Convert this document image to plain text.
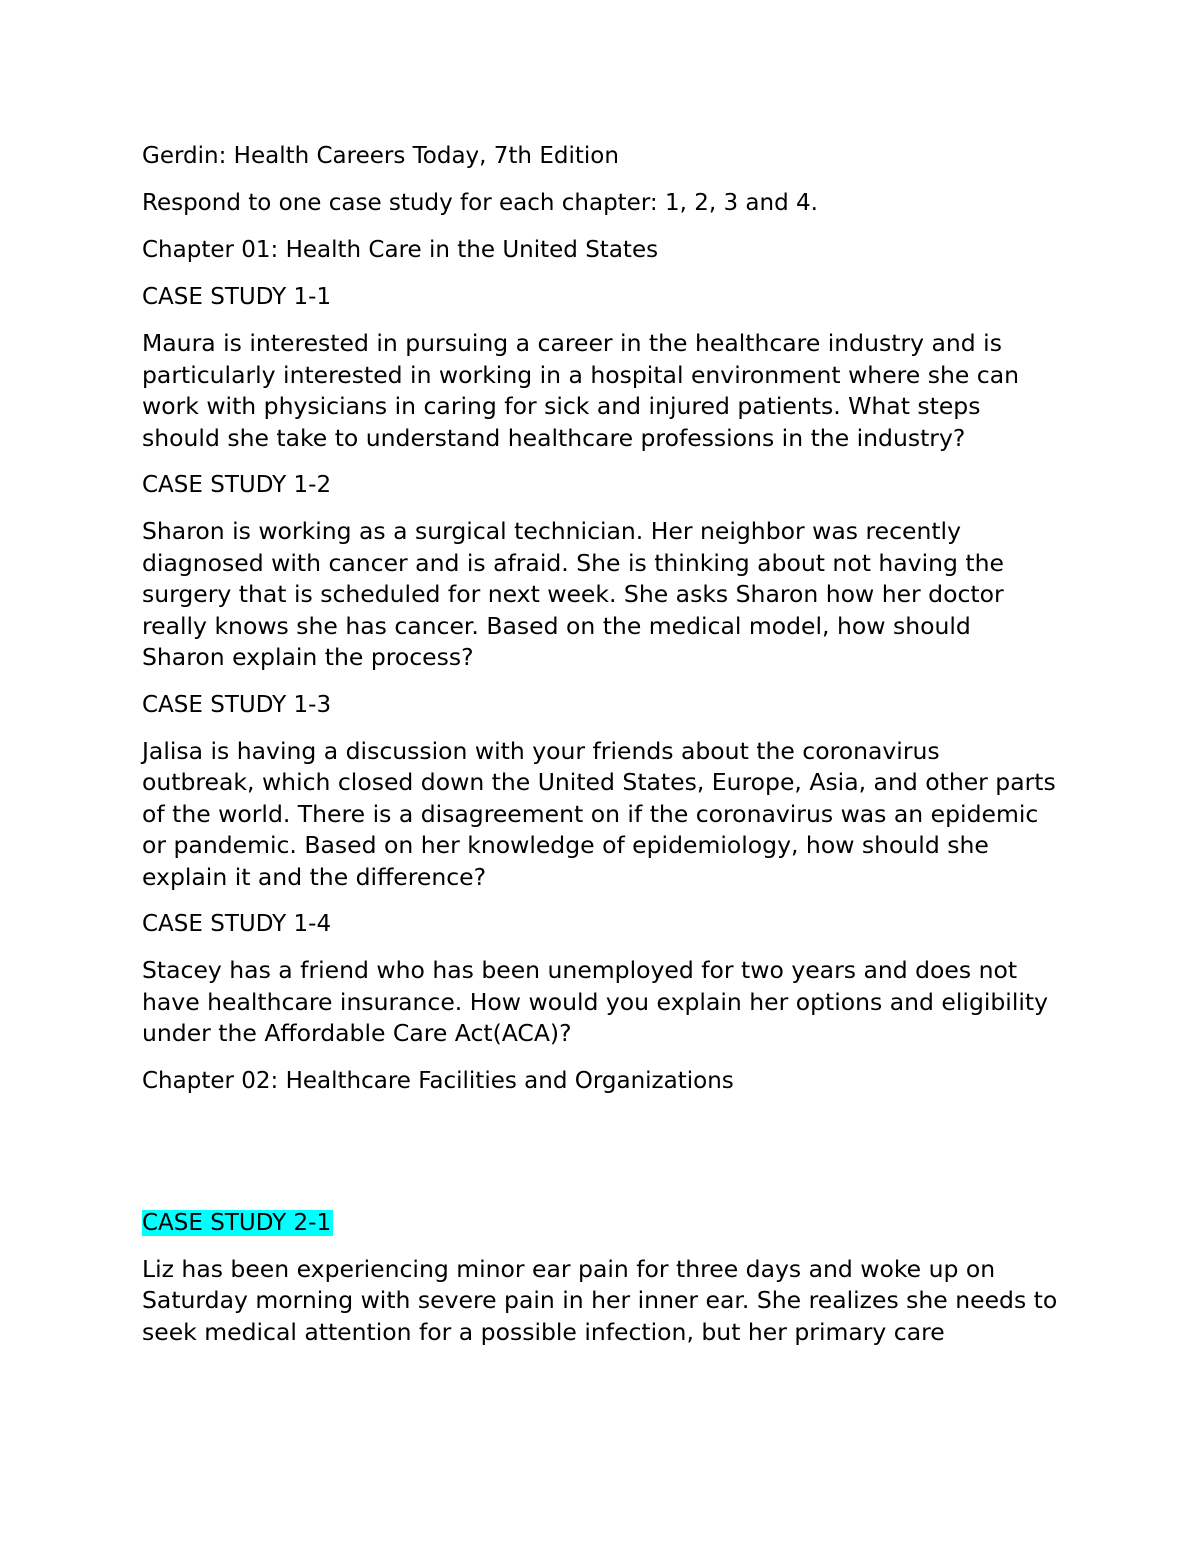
Gerdin: Health Careers Today, 7th Edition

Respond to one case study for each chapter: 1, 2, 3 and 4.

Chapter 01: Health Care in the United States

CASE STUDY 1-1

Maura is interested in pursuing a career in the healthcare industry and is
particularly interested in working in a hospital environment where she can
work with physicians in caring for sick and injured patients. What steps
should she take to understand healthcare professions in the industry?

CASE STUDY 1-2

Sharon is working as a surgical technician. Her neighbor was recently
diagnosed with cancer and is afraid. She is thinking about not having the
surgery that is scheduled for next week. She asks Sharon how her doctor
really knows she has cancer. Based on the medical model, how should
Sharon explain the process?

CASE STUDY 1-3

Jalisa is having a discussion with your friends about the coronavirus
outbreak, which closed down the United States, Europe, Asia, and other parts
of the world. There is a disagreement on if the coronavirus was an epidemic
or pandemic. Based on her knowledge of epidemiology, how should she
explain it and the difference?

CASE STUDY 1-4

Stacey has a friend who has been unemployed for two years and does not
have healthcare insurance. How would you explain her options and eligibility
under the Affordable Care Act(ACA)?

Chapter 02: Healthcare Facilities and Organizations

CASE STUDY 2-1

Liz has been experiencing minor ear pain for three days and woke up on
Saturday morning with severe pain in her inner ear. She realizes she needs to
seek medical attention for a possible infection, but her primary care
